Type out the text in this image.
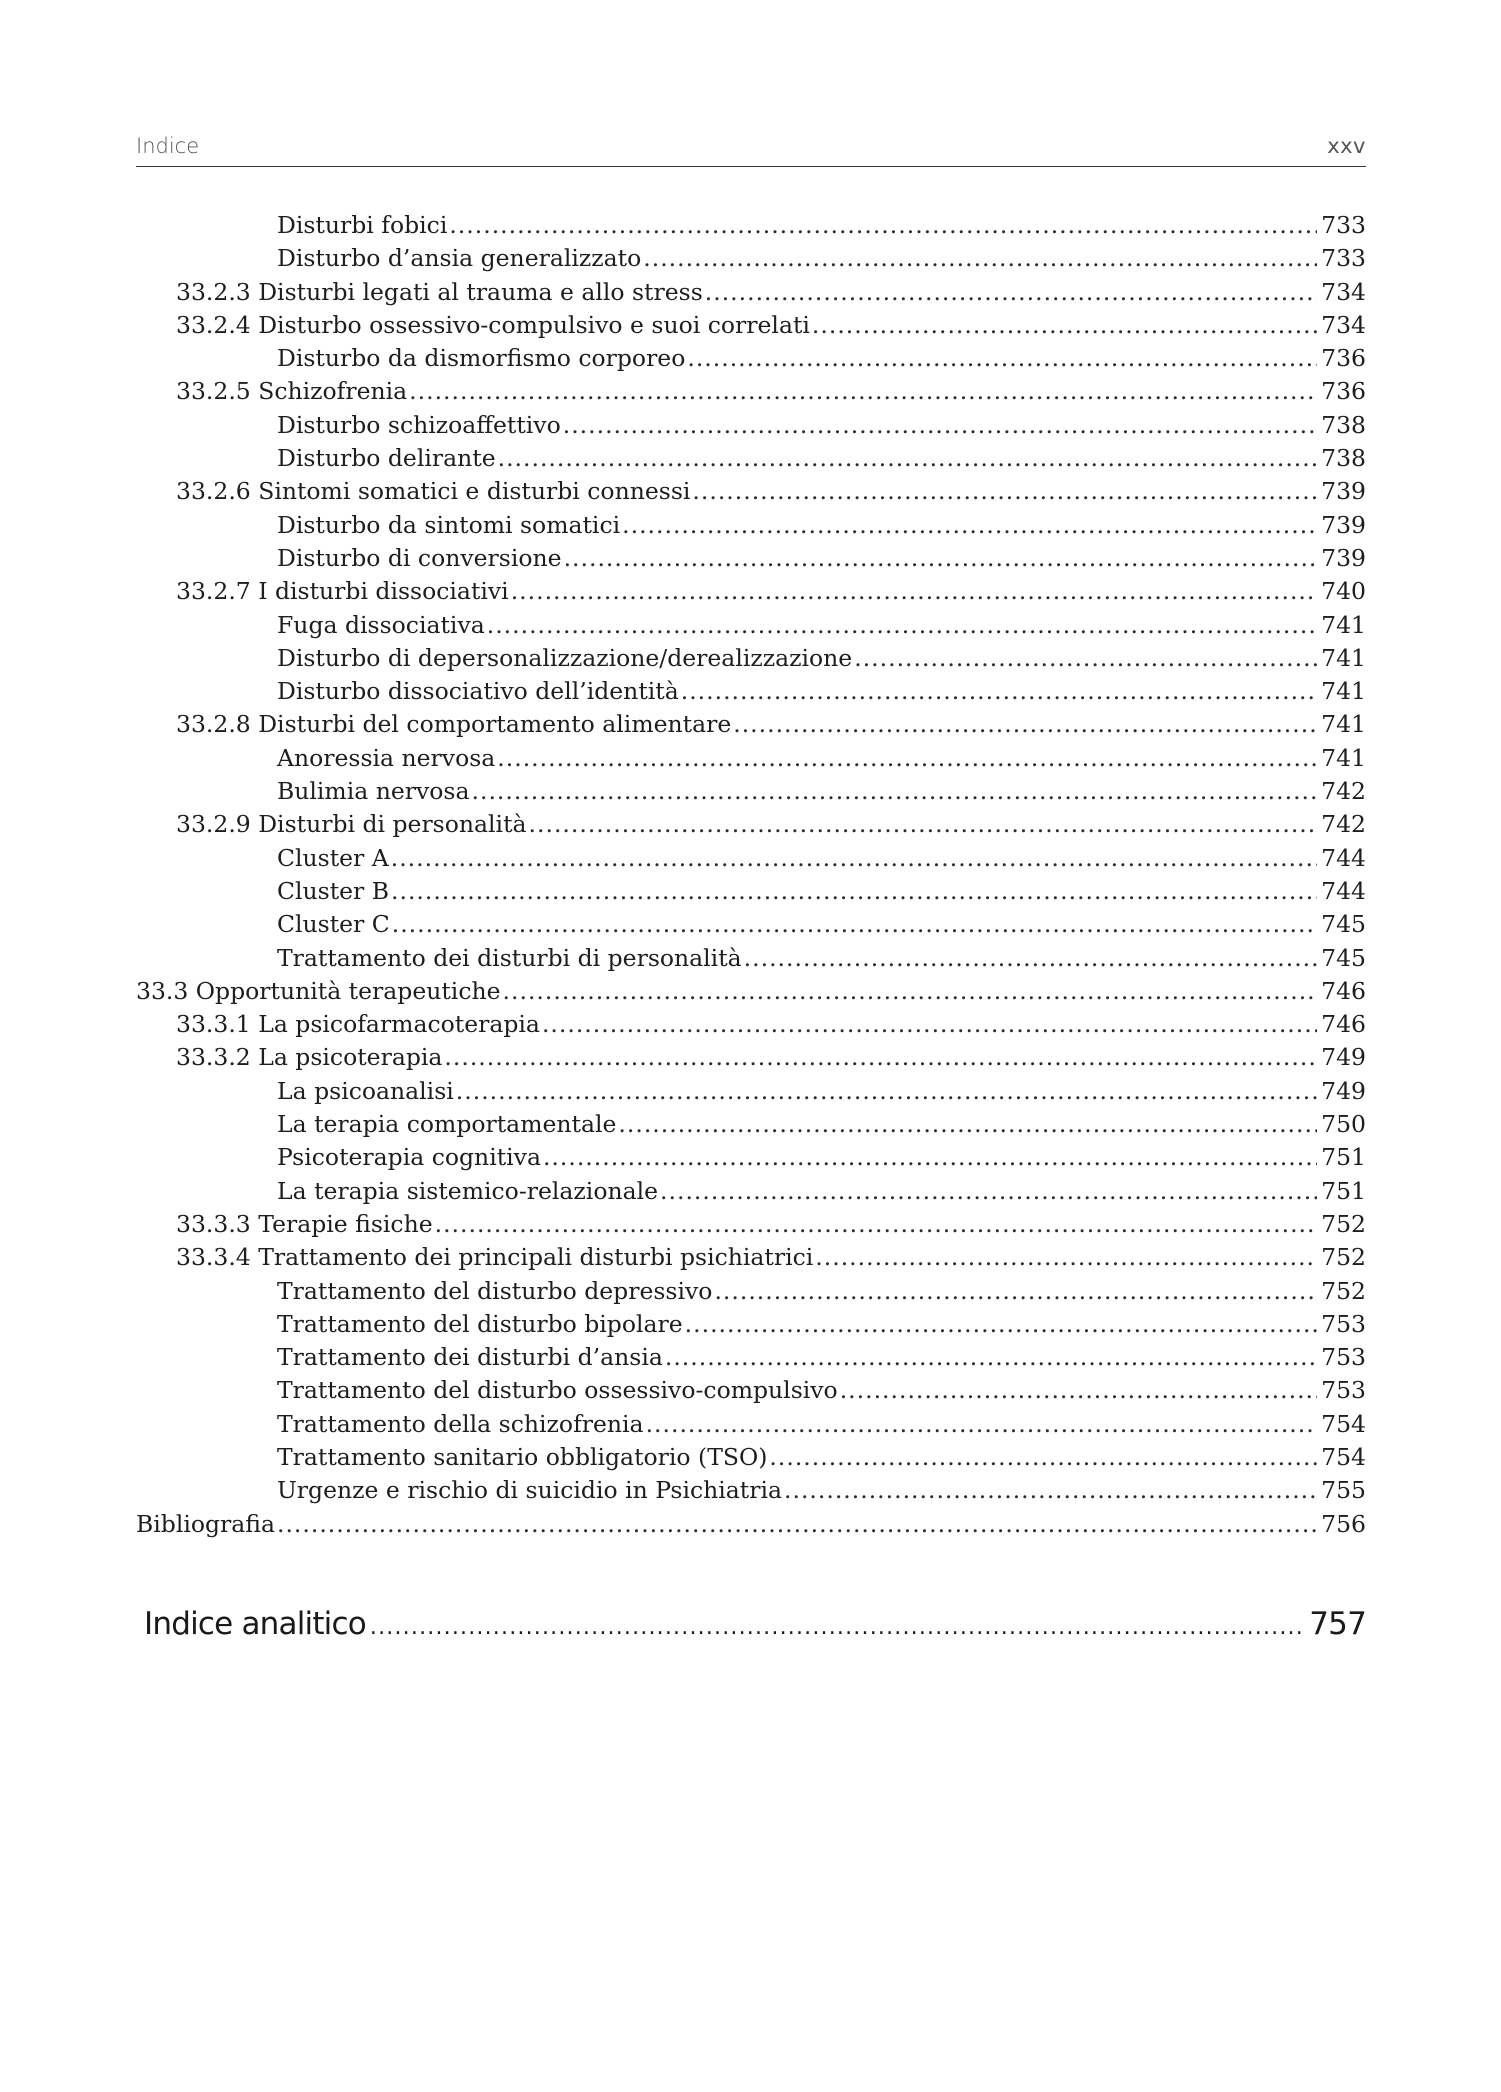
Indice	xxv
Disturbi fobici .....	733
Disturbo d’ansia generalizzato .....	733
33.2.3 Disturbi legati al trauma e allo stress .....	734
33.2.4 Disturbo ossessivo-compulsivo e suoi correlati .....	734
Disturbo da dismorfismo corporeo .....	736
33.2.5 Schizofrenia .....	736
Disturbo schizoaffettivo .....	738
Disturbo delirante .....	738
33.2.6 Sintomi somatici e disturbi connessi .....	739
Disturbo da sintomi somatici .....	739
Disturbo di conversione .....	739
33.2.7 I disturbi dissociativi .....	740
Fuga dissociativa .....	741
Disturbo di depersonalizzazione/derealizzazione .....	741
Disturbo dissociativo dell’identità .....	741
33.2.8 Disturbi del comportamento alimentare .....	741
Anoressia nervosa .....	741
Bulimia nervosa .....	742
33.2.9 Disturbi di personalità .....	742
Cluster A .....	744
Cluster B .....	744
Cluster C .....	745
Trattamento dei disturbi di personalità .....	745
33.3 Opportunità terapeutiche .....	746
33.3.1 La psicofarmacoterapia .....	746
33.3.2 La psicoterapia .....	749
La psicoanalisi .....	749
La terapia comportamentale .....	750
Psicoterapia cognitiva .....	751
La terapia sistemico-relazionale .....	751
33.3.3 Terapie fisiche .....	752
33.3.4 Trattamento dei principali disturbi psichiatrici .....	752
Trattamento del disturbo depressivo .....	752
Trattamento del disturbo bipolare .....	753
Trattamento dei disturbi d’ansia .....	753
Trattamento del disturbo ossessivo-compulsivo .....	753
Trattamento della schizofrenia .....	754
Trattamento sanitario obbligatorio (TSO) .....	754
Urgenze e rischio di suicidio in Psichiatria .....	755
Bibliografia .....	756
Indice analitico .....	757
